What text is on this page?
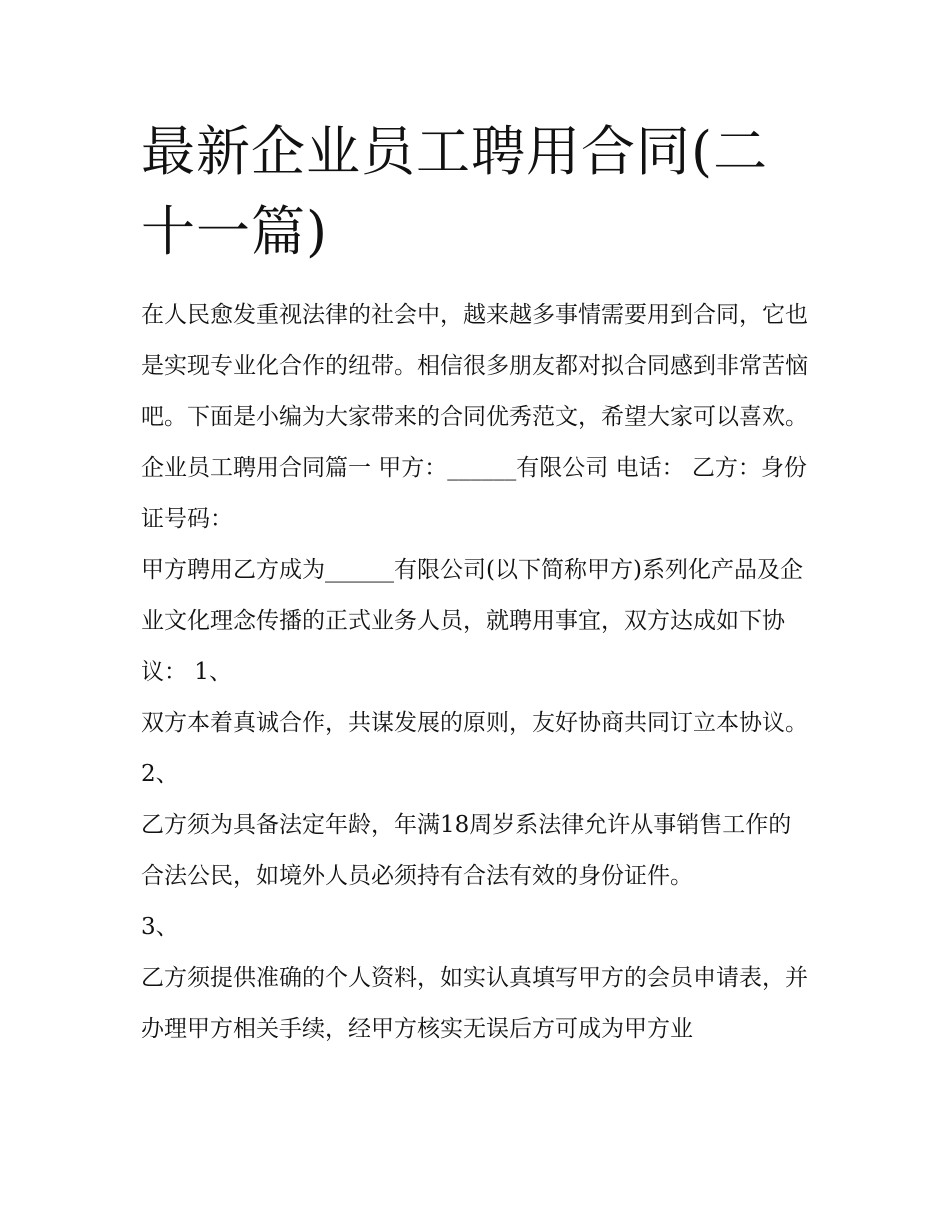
最新企业员工聘用合同(二十一篇)

在人民愈发重视法律的社会中，越来越多事情需要用到合同，它也是实现专业化合作的纽带。相信很多朋友都对拟合同感到非常苦恼吧。下面是小编为大家带来的合同优秀范文，希望大家可以喜欢。

企业员工聘用合同篇一 甲方：______有限公司 电话： 乙方：身份证号码：

甲方聘用乙方成为______有限公司(以下简称甲方)系列化产品及企业文化理念传播的正式业务人员，就聘用事宜，双方达成如下协议： 1、

双方本着真诚合作，共谋发展的原则，友好协商共同订立本协议。 2、

乙方须为具备法定年龄，年满18周岁系法律允许从事销售工作的合法公民，如境外人员必须持有合法有效的身份证件。

3、

乙方须提供准确的个人资料，如实认真填写甲方的会员申请表，并办理甲方相关手续，经甲方核实无误后方可成为甲方业
